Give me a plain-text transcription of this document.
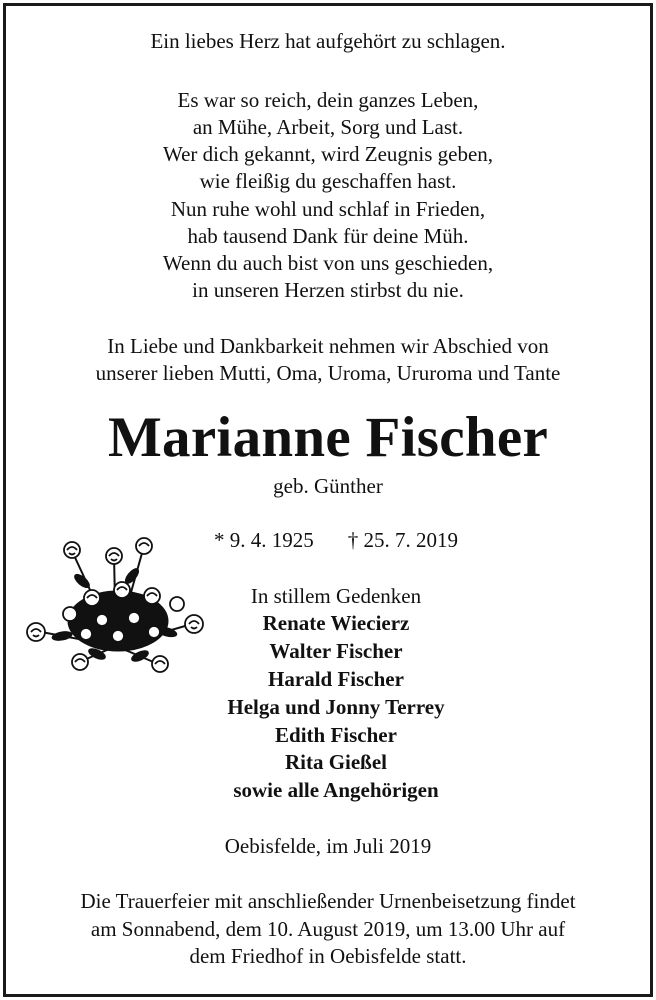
Ein liebes Herz hat aufgehört zu schlagen.
Es war so reich, dein ganzes Leben,
an Mühe, Arbeit, Sorg und Last.
Wer dich gekannt, wird Zeugnis geben,
wie fleißig du geschaffen hast.
Nun ruhe wohl und schlaf in Frieden,
hab tausend Dank für deine Müh.
Wenn du auch bist von uns geschieden,
in unseren Herzen stirbst du nie.
In Liebe und Dankbarkeit nehmen wir Abschied von
unserer lieben Mutti, Oma, Uroma, Ururoma und Tante
Marianne Fischer
geb. Günther
* 9. 4. 1925 † 25. 7. 2019
In stillem Gedenken
Renate Wiecierz
Walter Fischer
Harald Fischer
Helga und Jonny Terrey
Edith Fischer
Rita Gießel
sowie alle Angehörigen
Oebisfelde, im Juli 2019
Die Trauerfeier mit anschließender Urnenbeisetzung findet
am Sonnabend, dem 10. August 2019, um 13.00 Uhr auf
dem Friedhof in Oebisfelde statt.
